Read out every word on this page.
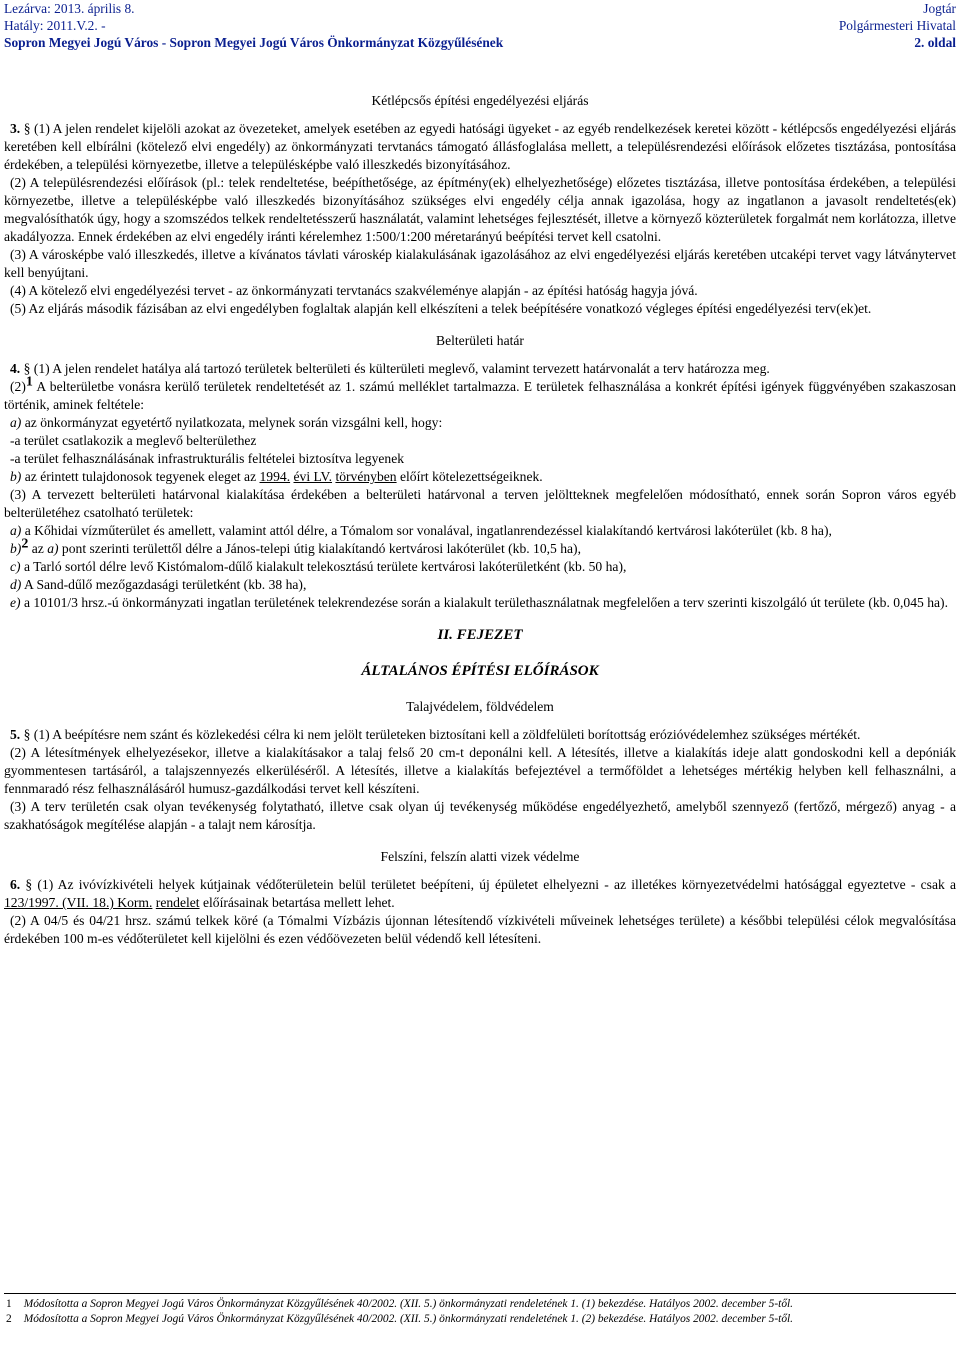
Lezárva: 2013. április 8.	Jogtár
Hatály: 2011.V.2. -	Polgármesteri Hivatal
Sopron Megyei Jogú Város - Sopron Megyei Jogú Város Önkormányzat Közgyűlésének	2. oldal
Kétlépcsős építési engedélyezési eljárás

3. § (1) A jelen rendelet kijelöli azokat az övezeteket, amelyek esetében az egyedi hatósági ügyeket - az egyéb rendelkezések keretei között - kétlépcsős engedélyezési eljárás keretében kell elbírálni (kötelező elvi engedély) az önkormányzati tervtanács támogató állásfoglalása mellett, a településrendezési előírások előzetes tisztázása, pontosítása érdekében, a települési környezetbe, illetve a településképbe való illeszkedés bizonyításához.

(2) A településrendezési előírások (pl.: telek rendeltetése, beépíthetősége, az építmény(ek) elhelyezhetősége) előzetes tisztázása, illetve pontosítása érdekében, a települési környezetbe, illetve a településképbe való illeszkedés bizonyításához szükséges elvi engedély célja annak igazolása, hogy az ingatlanon a javasolt rendeltetés(ek) megvalósíthatók úgy, hogy a szomszédos telkek rendeltetésszerű használatát, valamint lehetséges fejlesztését, illetve a környező közterületek forgalmát nem korlátozza, illetve akadályozza. Ennek érdekében az elvi engedély iránti kérelemhez 1:500/1:200 méretarányú beépítési tervet kell csatolni.

(3) A városképbe való illeszkedés, illetve a kívánatos távlati városkép kialakulásának igazolásához az elvi engedélyezési eljárás keretében utcaképi tervet vagy látványtervet kell benyújtani.

(4) A kötelező elvi engedélyezési tervet - az önkormányzati tervtanács szakvéleménye alapján - az építési hatóság hagyja jóvá.

(5) Az eljárás második fázisában az elvi engedélyben foglaltak alapján kell elkészíteni a telek beépítésére vonatkozó végleges építési engedélyezési terv(ek)et.

Belterületi határ

4. § (1) A jelen rendelet hatálya alá tartozó területek belterületi és külterületi meglevő, valamint tervezett határvonalát a terv határozza meg.

$(2)^1$ A belterületbe vonásra kerülő területek rendeltetését az 1. számú melléklet tartalmazza. E területek felhasználása a konkrét építési igények függvényében szakaszosan történik, aminek feltétele:

a) az önkormányzat egyetértő nyilatkozata, melynek során vizsgálni kell, hogy:

-a terület csatlakozik a meglevő belterülethez

-a terület felhasználásának infrastrukturális feltételei biztosítva legyenek

b) az érintett tulajdonosok tegyenek eleget az 1994. évi LV. törvényben előírt kötelezettségeiknek.

(3) A tervezett belterületi határvonal kialakítása érdekében a belterületi határvonal a terven jelöltteknek megfelelően módosítható, ennek során Sopron város egyéb belterületéhez csatolható területek:

a) a Kőhidai vízműterület és amellett, valamint attól délre, a Tómalom sor vonalával, ingatlanrendezéssel kialakítandó kertvárosi lakóterület (kb. 8 ha),

b)$^2$ az a) pont szerinti területtől délre a János-telepi útig kialakítandó kertvárosi lakóterület (kb. 10,5 ha),

c) a Tarló sortól délre levő Kistómalom-dűlő kialakult telekosztású területe kertvárosi lakóterületként (kb. 50 ha),

d) A Sand-dűlő mezőgazdasági területként (kb. 38 ha),

e) a 10101/3 hrsz.-ú önkormányzati ingatlan területének telekrendezése során a kialakult területhasználatnak megfelelően a terv szerinti kiszolgáló út területe (kb. 0,045 ha).

II. FEJEZET
ÁLTALÁNOS ÉPÍTÉSI ELŐÍRÁSOK
Talajvédelem, földvédelem

5. § (1) A beépítésre nem szánt és közlekedési célra ki nem jelölt területeken biztosítani kell a zöldfelületi borítottság erózióvédelemhez szükséges mértékét.

(2) A létesítmények elhelyezésekor, illetve a kialakításakor a talaj felső 20 cm-t deponálni kell. A létesítés, illetve a kialakítás ideje alatt gondoskodni kell a depóniák gyommentesen tartásáról, a talajszennyezés elkerüléséről. A létesítés, illetve a kialakítás befejeztével a termőföldet a lehetséges mértékig helyben kell felhasználni, a fennmaradó rész felhasználásáról humusz-gazdálkodási tervet kell készíteni.

(3) A terv területén csak olyan tevékenység folytatható, illetve csak olyan új tevékenység működése engedélyezhető, amelyből szennyező (fertőző, mérgező) anyag - a szakhatóságok megítélése alapján - a talajt nem károsítja.

Felszíni, felszín alatti vizek védelme

6. § (1) Az ivóvízkivételi helyek kútjainak védőterületein belül területet beépíteni, új épületet elhelyezni - az illetékes környezetvédelmi hatósággal egyeztetve - csak a 123/1997. (VII. 18.) Korm. rendelet előírásainak betartása mellett lehet.

(2) A 04/5 és 04/21 hrsz. számú telkek köré (a Tómalmi Vízbázis újonnan létesítendő vízkivételi műveinek lehetséges területe) a későbbi települési célok megvalósítása érdekében 100 m-es védőterületet kell kijelölni és ezen védőövezeten belül védendő kell létesíteni.

1 Módosította a Sopron Megyei Jogú Város Önkormányzat Közgyűlésének 40/2002. (XII. 5.) önkormányzati rendeletének 1. (1) bekezdése. Hatályos 2002. december 5-től.
2 Módosította a Sopron Megyei Jogú Város Önkormányzat Közgyűlésének 40/2002. (XII. 5.) önkormányzati rendeletének 1. (2) bekezdése. Hatályos 2002. december 5-től.
